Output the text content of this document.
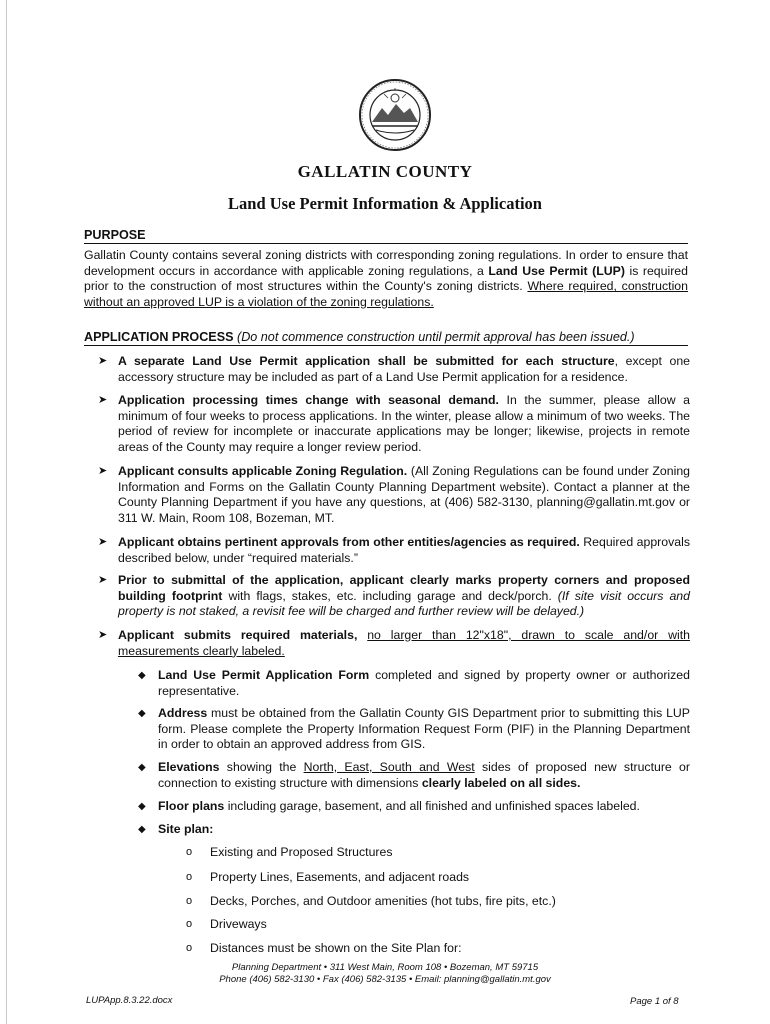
GALLATIN COUNTY
Land Use Permit Information & Application
PURPOSE
Gallatin County contains several zoning districts with corresponding zoning regulations. In order to ensure that development occurs in accordance with applicable zoning regulations, a Land Use Permit (LUP) is required prior to the construction of most structures within the County's zoning districts. Where required, construction without an approved LUP is a violation of the zoning regulations.
APPLICATION PROCESS (Do not commence construction until permit approval has been issued.)
➤ A separate Land Use Permit application shall be submitted for each structure, except one accessory structure may be included as part of a Land Use Permit application for a residence.
➤ Application processing times change with seasonal demand. In the summer, please allow a minimum of four weeks to process applications. In the winter, please allow a minimum of two weeks. The period of review for incomplete or inaccurate applications may be longer; likewise, projects in remote areas of the County may require a longer review period.
➤ Applicant consults applicable Zoning Regulation. (All Zoning Regulations can be found under Zoning Information and Forms on the Gallatin County Planning Department website). Contact a planner at the County Planning Department if you have any questions, at (406) 582-3130, planning@gallatin.mt.gov or 311 W. Main, Room 108, Bozeman, MT.
➤ Applicant obtains pertinent approvals from other entities/agencies as required. Required approvals described below, under “required materials.”
➤ Prior to submittal of the application, applicant clearly marks property corners and proposed building footprint with flags, stakes, etc. including garage and deck/porch. (If site visit occurs and property is not staked, a revisit fee will be charged and further review will be delayed.)
➤ Applicant submits required materials, no larger than 12"x18", drawn to scale and/or with measurements clearly labeled.
◆ Land Use Permit Application Form completed and signed by property owner or authorized representative.
◆ Address must be obtained from the Gallatin County GIS Department prior to submitting this LUP form. Please complete the Property Information Request Form (PIF) in the Planning Department in order to obtain an approved address from GIS.
◆ Elevations showing the North, East, South and West sides of proposed new structure or connection to existing structure with dimensions clearly labeled on all sides.
◆ Floor plans including garage, basement, and all finished and unfinished spaces labeled.
◆ Site plan:
o Existing and Proposed Structures
o Property Lines, Easements, and adjacent roads
o Decks, Porches, and Outdoor amenities (hot tubs, fire pits, etc.)
o Driveways
o Distances must be shown on the Site Plan for:
Planning Department • 311 West Main, Room 108 • Bozeman, MT 59715
Phone (406) 582-3130 • Fax (406) 582-3135 • Email: planning@gallatin.mt.gov
LUPApp.8.3.22.docx	Page 1 of 8
